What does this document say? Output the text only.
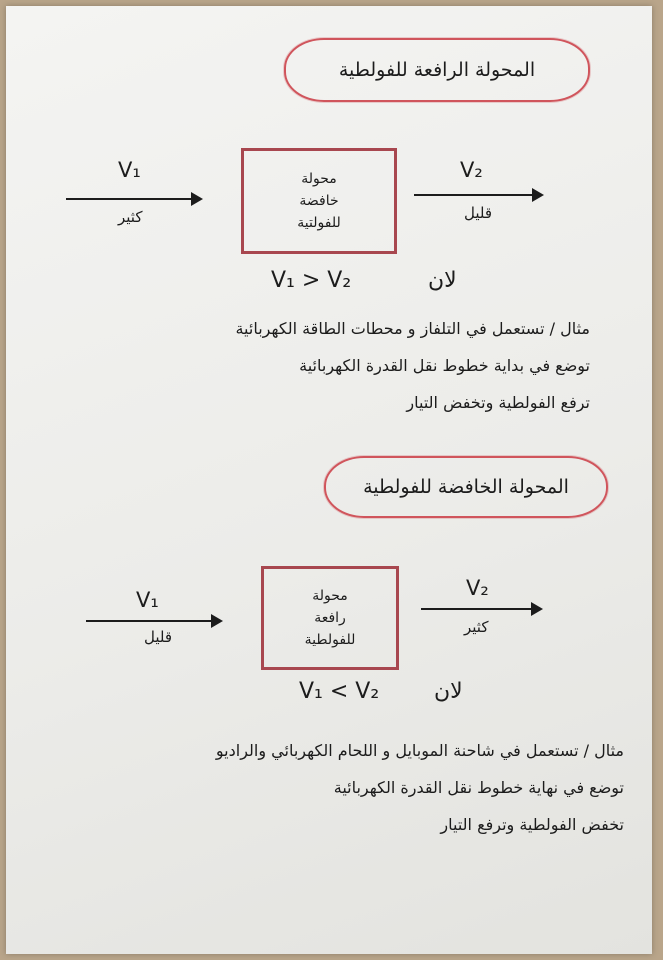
المحولة الرافعة للفولطية
V₁
كثير
محولة
خافضة
للفولتية
V₂
قليل
V₁ > V₂	لان
مثال / تستعمل في التلفاز و محطات الطاقة الكهربائية
توضع في بداية خطوط نقل القدرة الكهربائية
ترفع الفولطية وتخفض التيار
المحولة الخافضة للفولطية
V₁
قليل
محولة
رافعة
للفولطية
V₂
كثير
V₁ < V₂ لان
مثال / تستعمل في شاحنة الموبايل و اللحام الكهربائي والراديو
توضع في نهاية خطوط نقل القدرة الكهربائية
تخفض الفولطية وترفع التيار
